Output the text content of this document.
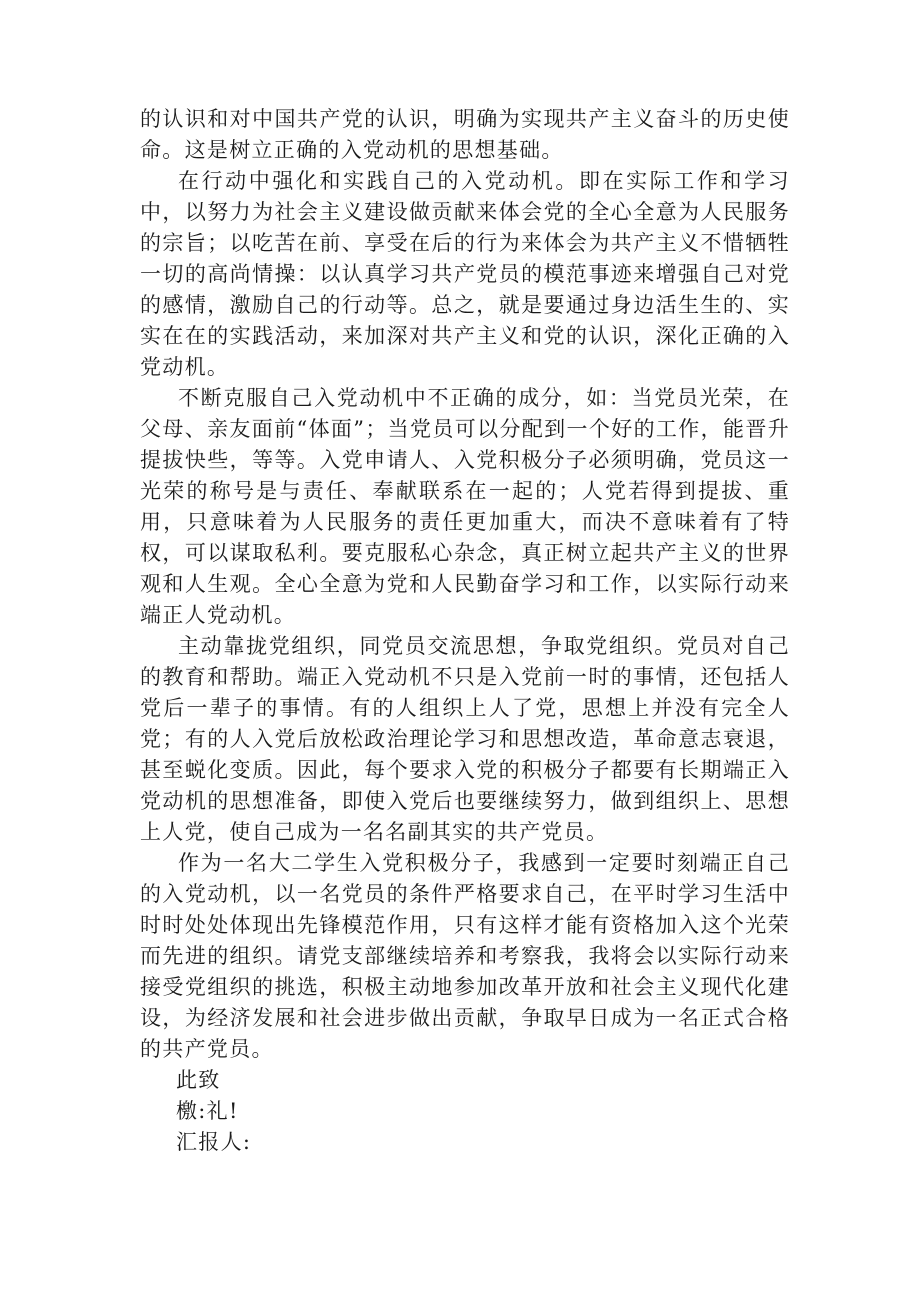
的认识和对中国共产党的认识，明确为实现共产主义奋斗的历史使命。这是树立正确的入党动机的思想基础。

在行动中强化和实践自己的入党动机。即在实际工作和学习中，以努力为社会主义建设做贡献来体会党的全心全意为人民服务的宗旨；以吃苦在前、享受在后的行为来体会为共产主义不惜牺牲一切的高尚情操：以认真学习共产党员的模范事迹来增强自己对党的感情，激励自己的行动等。总之，就是要通过身边活生生的、实实在在的实践活动，来加深对共产主义和党的认识，深化正确的入党动机。

不断克服自己入党动机中不正确的成分，如：当党员光荣，在父母、亲友面前“体面”；当党员可以分配到一个好的工作，能晋升提拔快些，等等。入党申请人、入党积极分子必须明确，党员这一光荣的称号是与责任、奉献联系在一起的；人党若得到提拔、重用，只意味着为人民服务的责任更加重大，而决不意味着有了特权，可以谋取私利。要克服私心杂念，真正树立起共产主义的世界观和人生观。全心全意为党和人民勤奋学习和工作，以实际行动来端正人党动机。

主动靠拢党组织，同党员交流思想，争取党组织。党员对自己的教育和帮助。端正入党动机不只是入党前一时的事情，还包括人党后一辈子的事情。有的人组织上人了党，思想上并没有完全人党；有的人入党后放松政治理论学习和思想改造，革命意志衰退，甚至蜕化变质。因此，每个要求入党的积极分子都要有长期端正入党动机的思想准备，即使入党后也要继续努力，做到组织上、思想上人党，使自己成为一名名副其实的共产党员。

作为一名大二学生入党积极分子，我感到一定要时刻端正自己的入党动机，以一名党员的条件严格要求自己，在平时学习生活中时时处处体现出先锋模范作用，只有这样才能有资格加入这个光荣而先进的组织。请党支部继续培养和考察我，我将会以实际行动来接受党组织的挑选，积极主动地参加改革开放和社会主义现代化建设，为经济发展和社会进步做出贡献，争取早日成为一名正式合格的共产党员。

此致

檄:礼!

汇报人:
